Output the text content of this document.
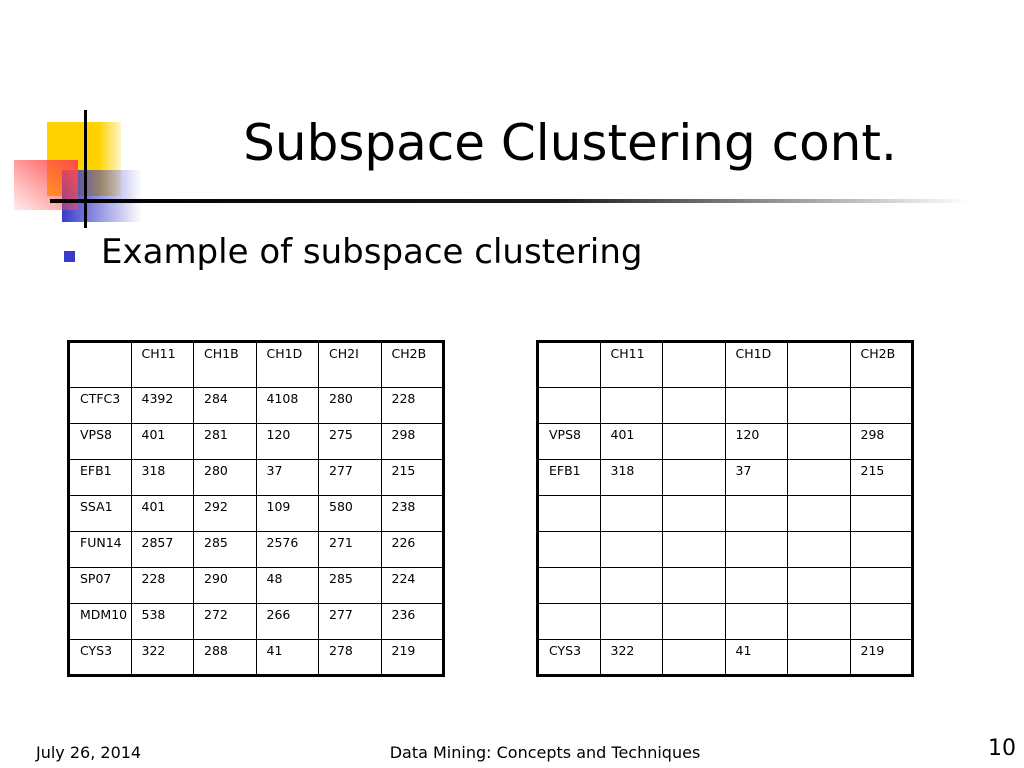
Subspace Clustering cont.
Example of subspace clustering
	CH11	CH1B	CH1D	CH2I	CH2B
CTFC3	4392	284	4108	280	228
VPS8	401	281	120	275	298
EFB1	318	280	37	277	215
SSA1	401	292	109	580	238
FUN14	2857	285	2576	271	226
SP07	228	290	48	285	224
MDM10	538	272	266	277	236
CYS3	322	288	41	278	219
	CH11		CH1D		CH2B

VPS8	401		120		298
EFB1	318		37		215

CYS3	322		41		219
July 26, 2014	Data Mining: Concepts and Techniques	10
